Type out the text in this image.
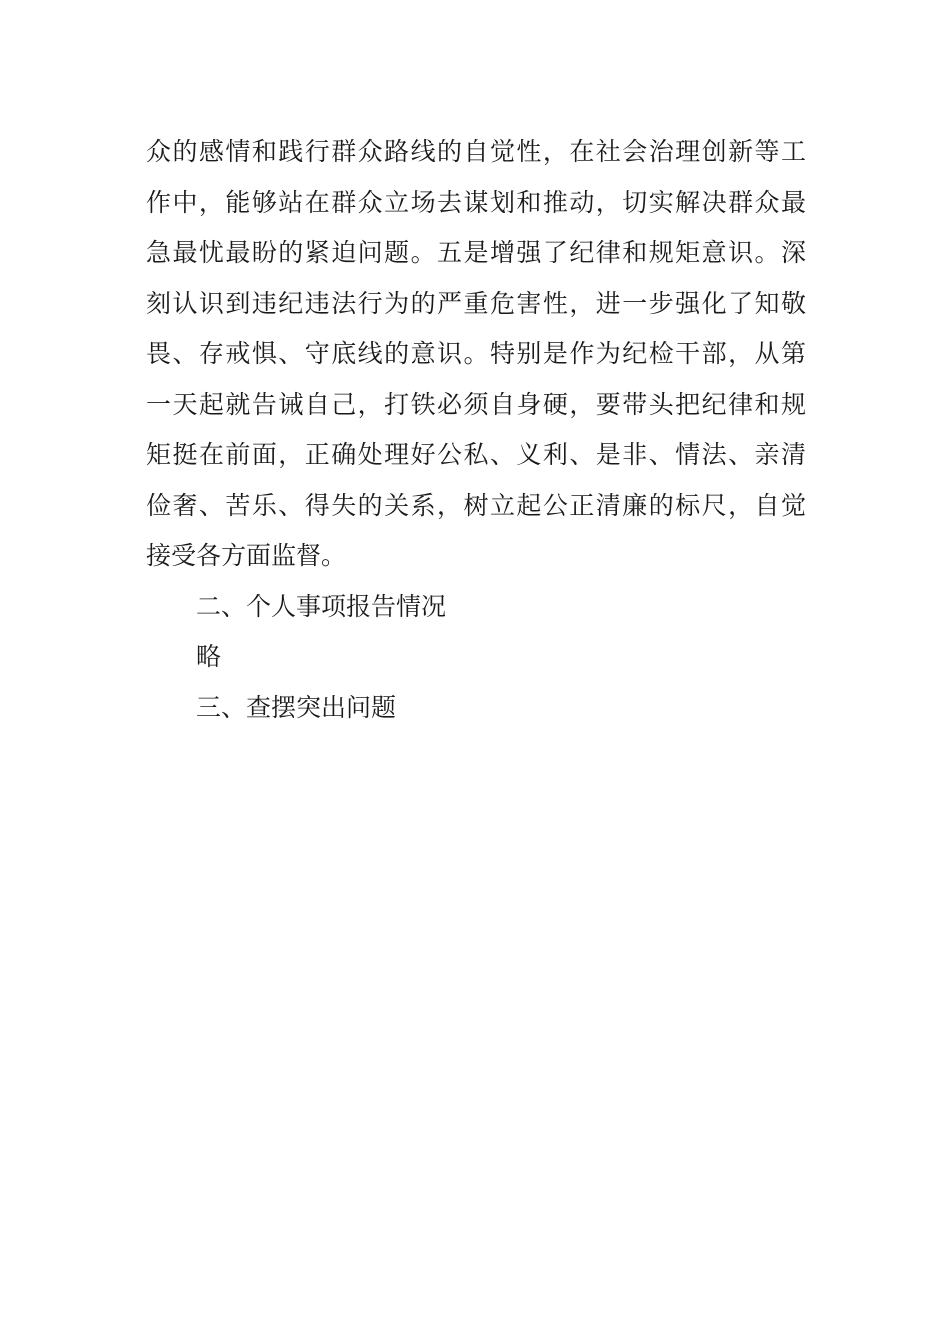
众的感情和践行群众路线的自觉性，在社会治理创新等工
作中，能够站在群众立场去谋划和推动，切实解决群众最
急最忧最盼的紧迫问题。五是增强了纪律和规矩意识。深
刻认识到违纪违法行为的严重危害性，进一步强化了知敬
畏、存戒惧、守底线的意识。特别是作为纪检干部，从第
一天起就告诫自己，打铁必须自身硬，要带头把纪律和规
矩挺在前面，正确处理好公私、义利、是非、情法、亲清
俭奢、苦乐、得失的关系，树立起公正清廉的标尺，自觉
接受各方面监督。
二、个人事项报告情况
略
三、查摆突出问题
